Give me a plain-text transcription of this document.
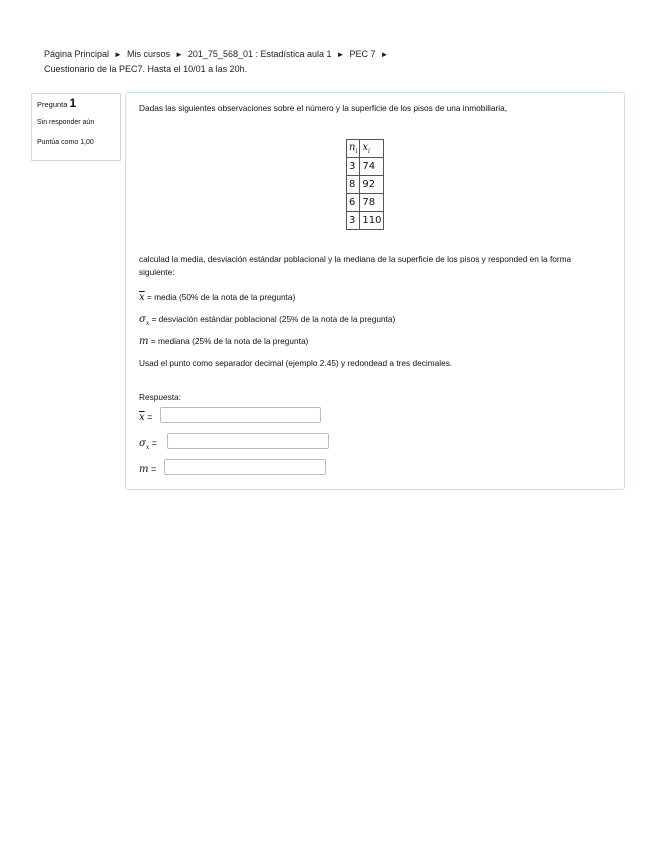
Página Principal ► Mis cursos ► 201_75_568_01 : Estadística aula 1 ► PEC 7 ►
Cuestionario de la PEC7. Hasta el 10/01 a las 20h.
Pregunta 1
Sin responder aún
Puntúa como 1,00
Dadas las siguientes observaciones sobre el número y la superficie de los pisos de una inmobiliaria,
$n_i$	$x_i$
3	74
8	92
6	78
3	110
calculad la media, desviación estándar poblacional y la mediana de la superficie de los pisos y responded en la forma siguiente:
$\overline{x}$ = media (50% de la nota de la pregunta)
$\sigma_x$ = desviación estándar poblacional (25% de la nota de la pregunta)
m = mediana (25% de la nota de la pregunta)
Usad el punto como separador decimal (ejemplo 2.45) y redondead a tres decimales.
Respuesta:
$\overline{x}$ =
$\sigma_x$ =
m =
